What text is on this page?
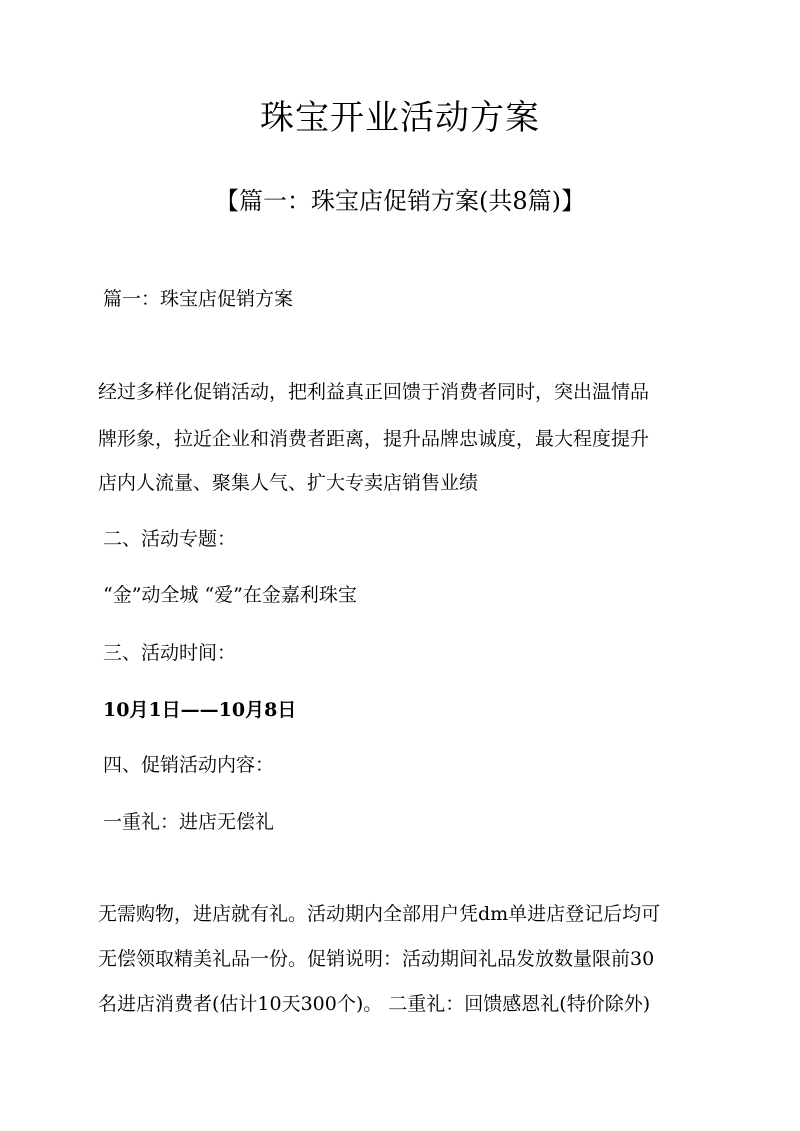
珠宝开业活动方案
【篇一：珠宝店促销方案(共8篇)】
篇一：珠宝店促销方案
经过多样化促销活动，把利益真正回馈于消费者同时，突出温情品
牌形象，拉近企业和消费者距离，提升品牌忠诚度，最大程度提升
店内人流量、聚集人气、扩大专卖店销售业绩
二、活动专题：
“金”动全城 “爱”在金嘉利珠宝
三、活动时间：
10月1日——10月8日
四、促销活动内容：
一重礼：进店无偿礼
无需购物，进店就有礼。活动期内全部用户凭dm单进店登记后均可
无偿领取精美礼品一份。促销说明：活动期间礼品发放数量限前30
名进店消费者(估计10天300个)。 二重礼：回馈感恩礼(特价除外)
